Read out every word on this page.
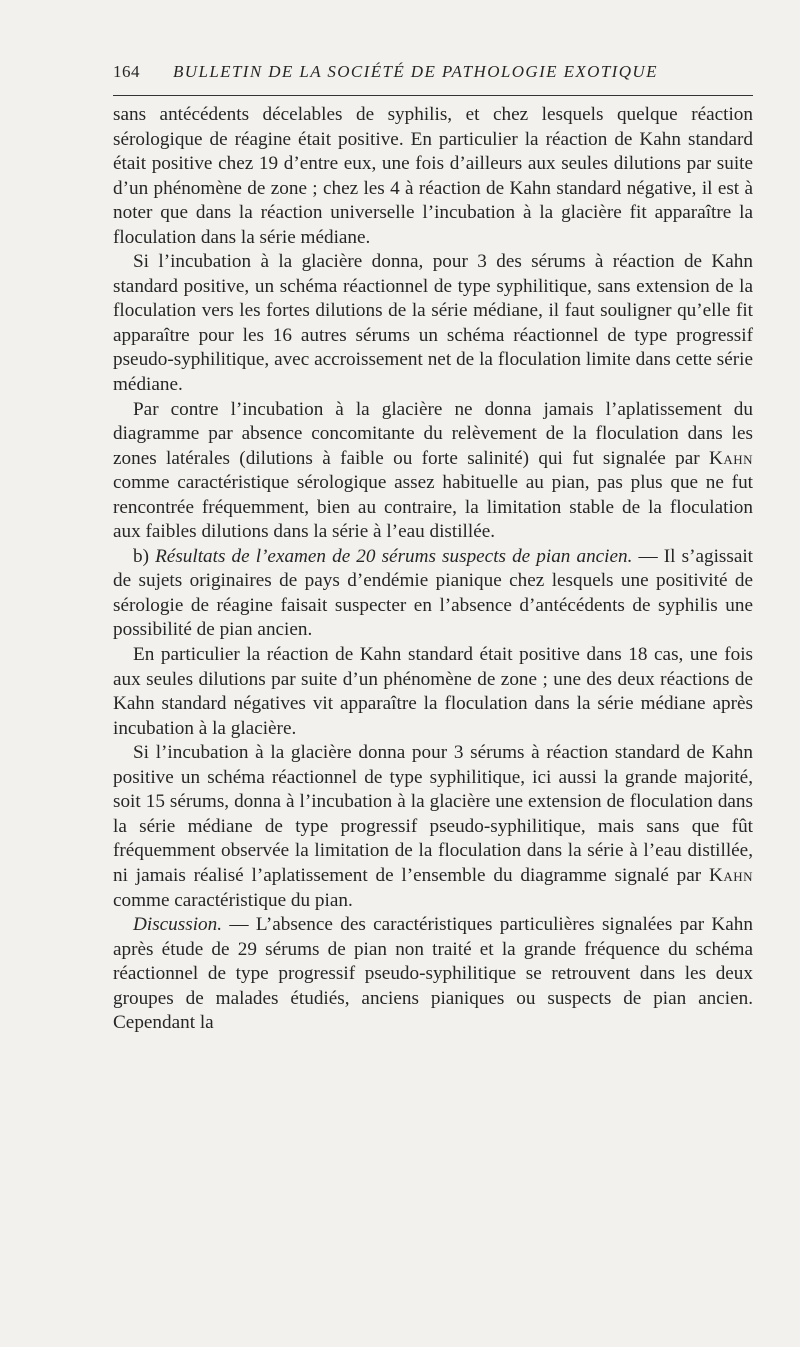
164 BULLETIN DE LA SOCIÉTÉ DE PATHOLOGIE EXOTIQUE

sans antécédents décelables de syphilis, et chez lesquels quelque réaction sérologique de réagine était positive. En particulier la réaction de Kahn standard était positive chez 19 d’entre eux, une fois d’ailleurs aux seules dilutions par suite d’un phénomène de zone ; chez les 4 à réaction de Kahn standard négative, il est à noter que dans la réaction universelle l’incubation à la glacière fit apparaître la floculation dans la série médiane.

Si l’incubation à la glacière donna, pour 3 des sérums à réaction de Kahn standard positive, un schéma réactionnel de type syphilitique, sans extension de la floculation vers les fortes dilutions de la série médiane, il faut souligner qu’elle fit apparaître pour les 16 autres sérums un schéma réactionnel de type progressif pseudo-syphilitique, avec accroissement net de la floculation limite dans cette série médiane.

Par contre l’incubation à la glacière ne donna jamais l’aplatissement du diagramme par absence concomitante du relèvement de la floculation dans les zones latérales (dilutions à faible ou forte salinité) qui fut signalée par Kahn comme caractéristique sérologique assez habituelle au pian, pas plus que ne fut rencontrée fréquemment, bien au contraire, la limitation stable de la floculation aux faibles dilutions dans la série à l’eau distillée.

b) Résultats de l’examen de 20 sérums suspects de pian ancien. — Il s’agissait de sujets originaires de pays d’endémie pianique chez lesquels une positivité de sérologie de réagine faisait suspecter en l’absence d’antécédents de syphilis une possibilité de pian ancien.

En particulier la réaction de Kahn standard était positive dans 18 cas, une fois aux seules dilutions par suite d’un phénomène de zone ; une des deux réactions de Kahn standard négatives vit apparaître la floculation dans la série médiane après incubation à la glacière.

Si l’incubation à la glacière donna pour 3 sérums à réaction standard de Kahn positive un schéma réactionnel de type syphilitique, ici aussi la grande majorité, soit 15 sérums, donna à l’incubation à la glacière une extension de floculation dans la série médiane de type progressif pseudo-syphilitique, mais sans que fût fréquemment observée la limitation de la floculation dans la série à l’eau distillée, ni jamais réalisé l’aplatissement de l’ensemble du diagramme signalé par Kahn comme caractéristique du pian.

Discussion. — L’absence des caractéristiques particulières signalées par Kahn après étude de 29 sérums de pian non traité et la grande fréquence du schéma réactionnel de type progressif pseudo-syphilitique se retrouvent dans les deux groupes de malades étudiés, anciens pianiques ou suspects de pian ancien. Cependant la
